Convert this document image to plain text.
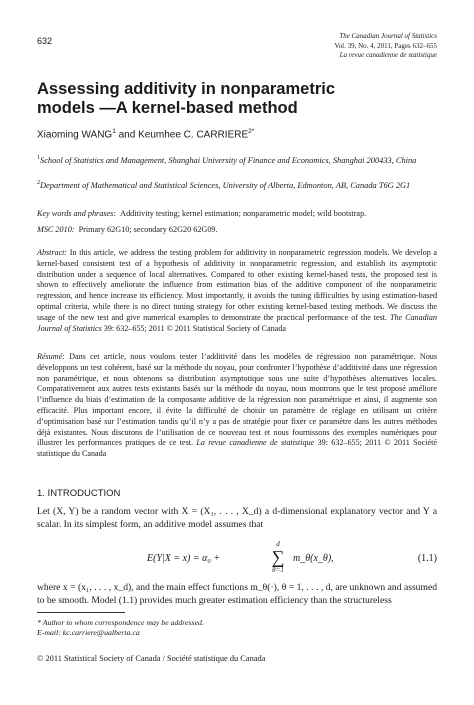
632	The Canadian Journal of Statistics
Vol. 39, No. 4, 2011, Pages 632–655
La revue canadienne de statistique
Assessing additivity in nonparametric
models —A kernel-based method
Xiaoming WANG$^1$ and Keumhee C. $CARRIERE^{2*}$
$^1$School of Statistics and Management, Shanghai University of Finance and Economics, Shanghai 200433, China
$^2$Department of Mathematical and Statistical Sciences, University of Alberta, Edmonton, AB, Canada T6G 2G1
Key words and phrases: Additivity testing; kernel estimation; nonparametric model; wild bootstrap.
MSC 2010: Primary 62G10; secondary 62G20 62G09.
Abstract: In this article, we address the testing problem for additivity in nonparametric regression models. We develop a kernel-based consistent test of a hypothesis of additivity in nonparametric regression, and establish its asymptotic distribution under a sequence of local alternatives. Compared to other existing kernel-based tests, the proposed test is shown to effectively ameliorate the influence from estimation bias of the additive component of the nonparametric regression, and hence increase its efficiency. Most importantly, it avoids the tuning difficulties by using estimation-based optimal criteria, while there is no direct tuning strategy for other existing kernel-based testing methods. We discuss the usage of the new test and give numerical examples to demonstrate the practical performance of the test. The Canadian Journal of Statistics 39: 632–655; 2011 © 2011 Statistical Society of Canada
Résumé: Dans cet article, nous voulons tester l’additivité dans les modèles de régression non paramétrique. Nous développons un test cohérent, basé sur la méthode du noyau, pour confronter l’hypothèse d’additivité dans une régression non paramétrique, et nous obtenons sa distribution asymptotique sous une suite d’hypothèses alternatives locales. Comparativement aux autres tests existants basés sur la méthode du noyau, nous montrons que le test proposé améliore l’influence du biais d’estimation de la composante additive de la régression non paramétrique et ainsi, il augmente son efficacité. Plus important encore, il évite la difficulté de choisir un paramètre de réglage en utilisant un critère d’optimisation basé sur l’estimation tandis qu’il n’y a pas de stratégie pour fixer ce paramètre dans les autres méthodes déjà existantes. Nous discutons de l’utilisation de ce nouveau test et nous fournissons des exemples numériques pour illustrer les performances pratiques de ce test. La revue canadienne de statistique 39: 632–655; 2011 © 2011 Société statistique du Canada
1. INTRODUCTION

Let (X, Y) be a random vector with X = (X₁, . . . , X_d) a d-dimensional explanatory vector and Y a scalar. In its simplest form, an additive model assumes that

E(Y|X = x) = α₀ +
d
∑
θ=1
m_θ(x_θ),	(1.1)
where x = (x₁, . . . , x_d), and the main effect functions m_θ(·), θ = 1, . . . , d, are unknown and assumed to be smooth. Model (1.1) provides much greater estimation efficiency than the structureless
* Author to whom correspondence may be addressed.
E-mail: kc.carriere@ualberta.ca
© 2011 Statistical Society of Canada / Société statistique du Canada
